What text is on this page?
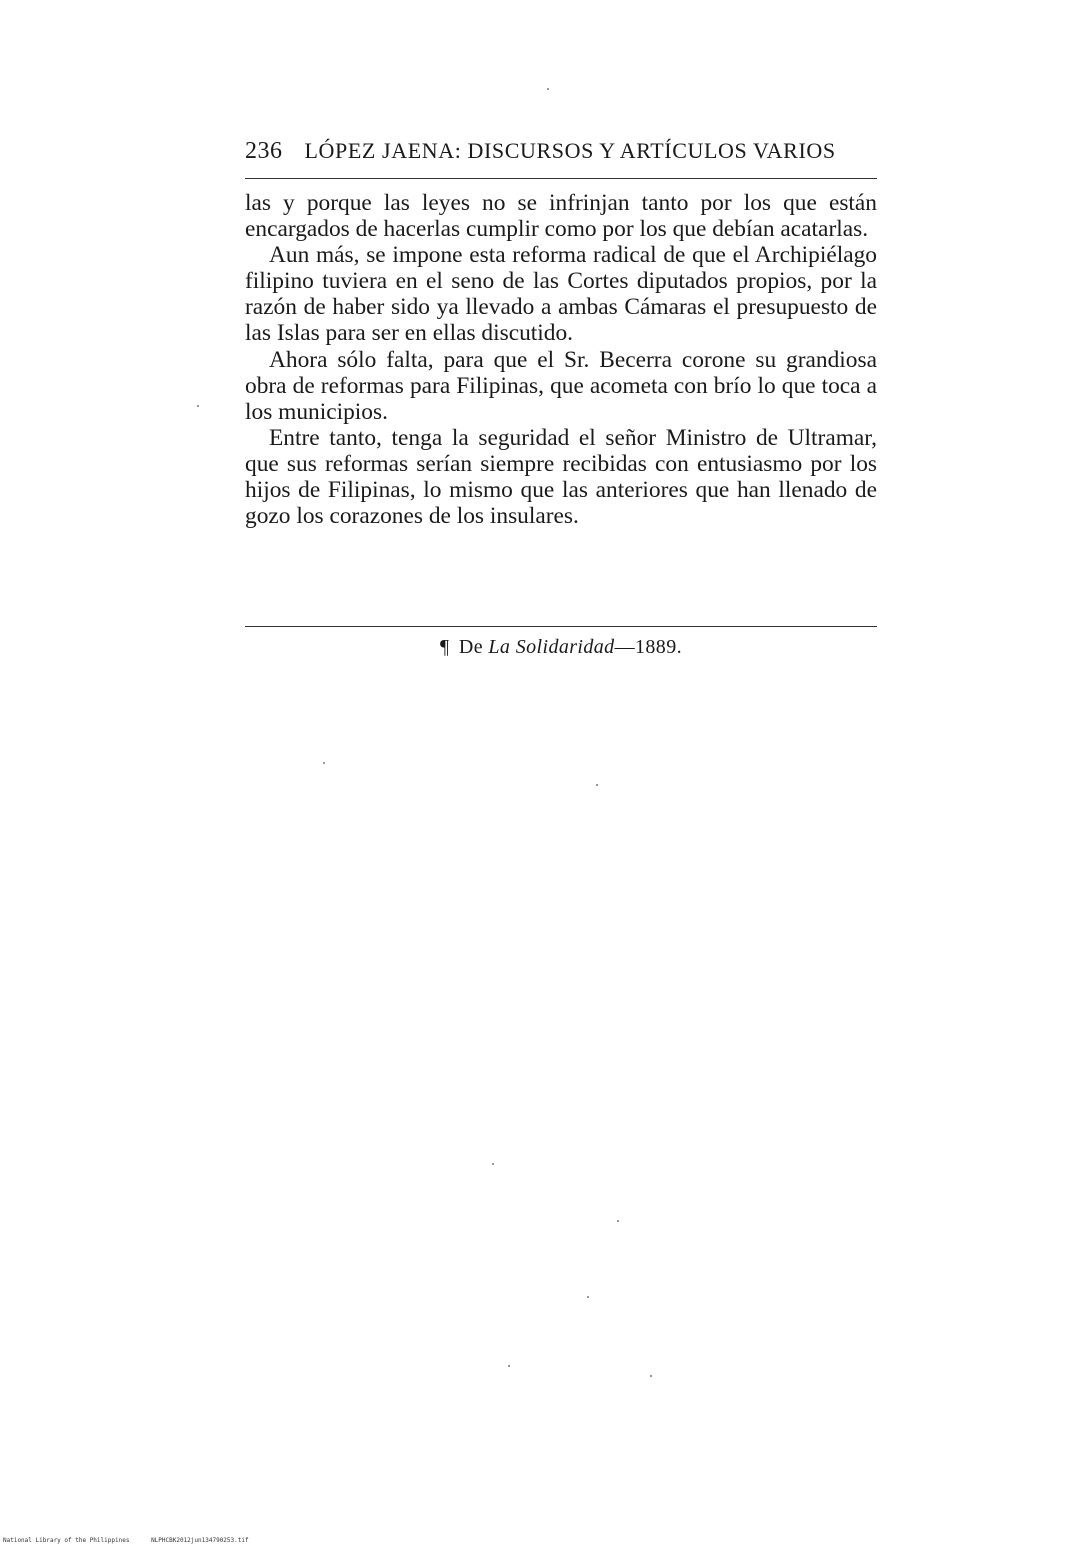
236 LÓPEZ JAENA: DISCURSOS Y ARTÍCULOS VARIOS

las y porque las leyes no se infrinjan tanto por los que están encargados de hacerlas cumplir como por los que debían acatarlas.

Aun más, se impone esta reforma radical de que el Archipiélago filipino tuviera en el seno de las Cortes diputados propios, por la razón de haber sido ya llevado a ambas Cámaras el presupuesto de las Islas para ser en ellas discutido.

Ahora sólo falta, para que el Sr. Becerra corone su grandiosa obra de reformas para Filipinas, que acometa con brío lo que toca a los municipios.

Entre tanto, tenga la seguridad el señor Ministro de Ultramar, que sus reformas serían siempre recibidas con entusiasmo por los hijos de Filipinas, lo mismo que las anteriores que han llenado de gozo los corazones de los insulares.

¶ De La Solidaridad—1889.
National Library of the Philippines	NLPHCBK2012jun134790253.tif
